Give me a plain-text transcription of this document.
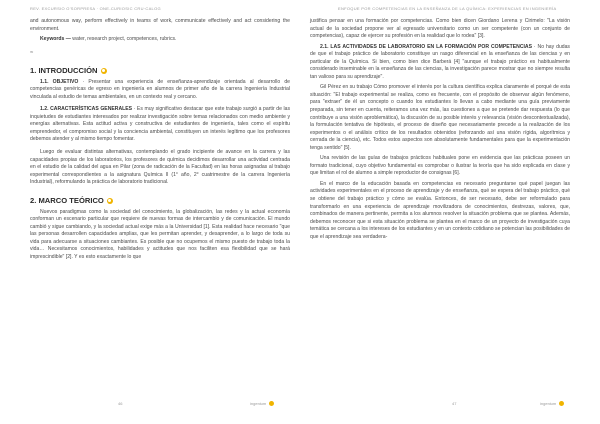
REV. EXCURSIO O'SORPRESA · ONE-CURIOSIC CRU·CALOG	ENFOQUE POR COMPETENCIAS EN LA ENSEÑANZA DE LA QUÍMICA: EXPERIENCIAS EN INGENIERÍA

and autonomous way, perform effectively in teams of work, communicate effectively and act considering the environment.

Keywords — water, research project, competences, rubrics.

≈
1. INTRODUCCIÓN

1.1. OBJETIVO · Presentar una experiencia de enseñanza-aprendizaje orientada al desarrollo de competencias genéricas de egreso en ingeniería en alumnos de primer año de la carrera Ingeniería Industrial vinculada al estudio de temas ambientales, en un contexto real y cercano.

1.2. CARACTERÍSTICAS GENERALES · Es muy significativo destacar que este trabajo surgió a partir de las inquietudes de estudiantes interesados por realizar investigación sobre temas relacionados con medio ambiente y energías alternativas. Esta actitud activa y constructiva de estudiantes de ingeniería, tales como el espíritu emprendedor, el compromiso social y la conciencia ambiental, constituyen un interés legítimo que los profesores debemos atender y al mismo tiempo fomentar.

Luego de evaluar distintas alternativas, contemplando el grado incipiente de avance en la carrera y las capacidades propias de los laboratorios, los profesores de química decidimos desarrollar una actividad centrada en el estudio de la calidad del agua en Pilar (zona de radicación de la Facultad) en las horas asignadas al trabajo experimental correspondientes a la asignatura Química II (1° año, 2° cuatrimestre de la carrera Ingeniería Industrial), reformulando la práctica de laboratorio tradicional.

2. MARCO TEÓRICO

Nuevos paradigmas como la sociedad del conocimiento, la globalización, las redes y la actual economía conforman un escenario particular que requiere de nuevas formas de intercambio y de comunicación. El mundo cambió y sigue cambiando, y la sociedad actual exige más a la Universidad [1]. Esta realidad hace necesario "que las personas desarrollen capacidades amplias, que les permitan aprender, y desaprender, a lo largo de toda su vida para adecuarse a situaciones cambiantes. Es posible que no ocupemos el mismo puesto de trabajo toda la vida… Necesitamos conocimientos, habilidades y actitudes que nos faciliten esa flexibilidad que se hará imprescindible" [2]. Y es esto exactamente lo que

justifica pensar en una formación por competencias. Como bien dicen Giordano Lerena y Cirimelo: "La visión actual de la sociedad propone ver al egresado universitario como un ser competente (con un conjunto de competencias), capaz de ejercer su profesión en la realidad que lo rodea" [3].

2.1. LAS ACTIVIDADES DE LABORATORIO EN LA FORMACIÓN POR COMPETENCIAS · No hay dudas de que el trabajo práctico de laboratorio constituye un rasgo diferencial en la enseñanza de las ciencias y en particular de la Química. Si bien, como bien dice Barberá [4] "aunque el trabajo práctico es habitualmente considerado inseminable en la enseñanza de las ciencias, la investigación parece mostrar que no siempre resulta tan valioso para su aprendizaje".

Gil Pérez en su trabajo Cómo promover el interés por la cultura científica explica claramente el porqué de esta situación: "El trabajo experimental se realiza, como es frecuente, con el propósito de observar algún fenómeno, para "extraer" de él un concepto o cuando los estudiantes lo llevan a cabo mediante una guía previamente preparada, sin tener en cuenta, reiteramos una vez más, las cuestiones a que se pretende dar respuesta (lo que contribuye a una visión aproblemática), la discusión de su posible interés y relevancia (visión descontextualizada), la formulación tentativa de hipótesis, el proceso de diseño que necesariamente precede a la realización de los experimentos o el análisis crítico de los resultados obtenidos (reforzando así una visión rígida, algorítmica y cerrada de la ciencia), etc. Todos estos aspectos son absolutamente fundamentales para que la experimentación tenga sentido" [5].

Una revisión de las guías de trabajos prácticos habituales pone en evidencia que las prácticas poseen un formato tradicional, cuyo objetivo fundamental es comprobar o ilustrar la teoría que ha sido explicada en clase y que limitan el rol de alumno a simple reproductor de consignas [6].

En el marco de la educación basada en competencias es necesario preguntarse qué papel juegan las actividades experimentales en el proceso de aprendizaje y de enseñanza, qué se espera del trabajo práctico, qué se obtiene del trabajo práctico y cómo se evalúa. Entonces, de ser necesario, debe ser reformulado para transformarlo en una experiencia de aprendizaje movilizadora de conocimientos, destrezas, valores, que, combinados de manera pertinente, permita a los alumnos resolver la situación problema que se plantea. Además, debemos reconocer que si esta situación problema se plantea en el marco de un proyecto de investigación cuya temática se cercana a los intereses de los estudiantes y en un contexto cotidiano se potencian las posibilidades de que el aprendizaje sea verdadera-

46	ingenium	47	ingenium
